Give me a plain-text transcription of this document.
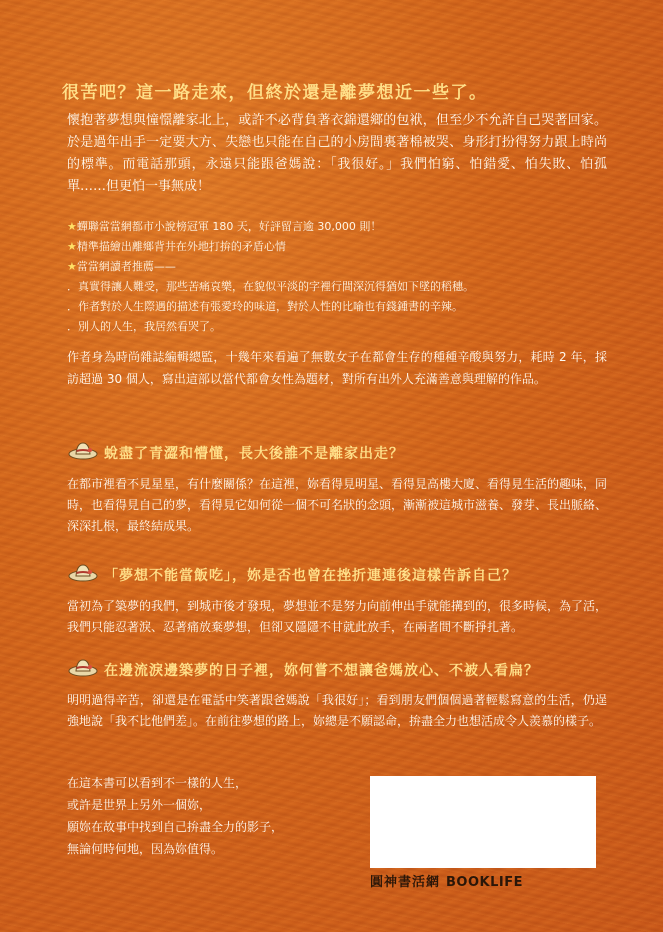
很苦吧？這一路走來，但終於還是離夢想近一些了。
懷抱著夢想與憧憬離家北上，或許不必背負著衣錦還鄉的包袱，但至少不允許自己哭著回家。於是過年出手一定要大方、失戀也只能在自己的小房間裏著棉被哭、身形打扮得努力跟上時尚的標準。而電話那頭，永遠只能跟爸媽說：「我很好。」我們怕窮、怕錯愛、怕失敗、怕孤單……但更怕一事無成！
★蟬聯當當網都市小說榜冠軍 180 天，好評留言逾 30,000 則！
★精準描繪出離鄉背井在外地打拚的矛盾心情
★當當網讀者推薦——
．真實得讓人難受，那些苦痛哀樂，在貌似平淡的字裡行間深沉得猶如下墜的稻穗。
．作者對於人生際遇的描述有張愛玲的味道，對於人性的比喻也有錢鍾書的辛辣。
．別人的人生，我居然看哭了。
作者身為時尚雜誌編輯總監，十幾年來看遍了無數女子在都會生存的種種辛酸與努力，耗時 2 年，採訪超過 30 個人，寫出這部以當代都會女性為題材，對所有出外人充滿善意與理解的作品。
蛻盡了青澀和懵懂，長大後誰不是離家出走？
在都市裡看不見星星，有什麼關係？在這裡，妳看得見明星、看得見高樓大廈、看得見生活的趣味，同時，也看得見自己的夢，看得見它如何從一個不可名狀的念頭，漸漸被這城市滋養、發芽、長出脈絡、深深扎根，最終結成果。
「夢想不能當飯吃」，妳是否也曾在挫折連連後這樣告訴自己？
當初為了築夢的我們，到城市後才發現，夢想並不是努力向前伸出手就能搆到的，很多時候，為了活，我們只能忍著淚、忍著痛放棄夢想，但卻又隱隱不甘就此放手，在兩者間不斷掙扎著。
在邊流淚邊築夢的日子裡，妳何嘗不想讓爸媽放心、不被人看扁？
明明過得辛苦，卻還是在電話中笑著跟爸媽說「我很好」；看到朋友們個個過著輕鬆寫意的生活，仍逞強地說「我不比他們差」。在前往夢想的路上，妳總是不願認命，拚盡全力也想活成令人羨慕的樣子。
在這本書可以看到不一樣的人生，
或許是世界上另外一個妳，
願妳在故事中找到自己拚盡全力的影子，
無論何時何地，因為妳值得。
圓神書活網 BOOKLIFE
